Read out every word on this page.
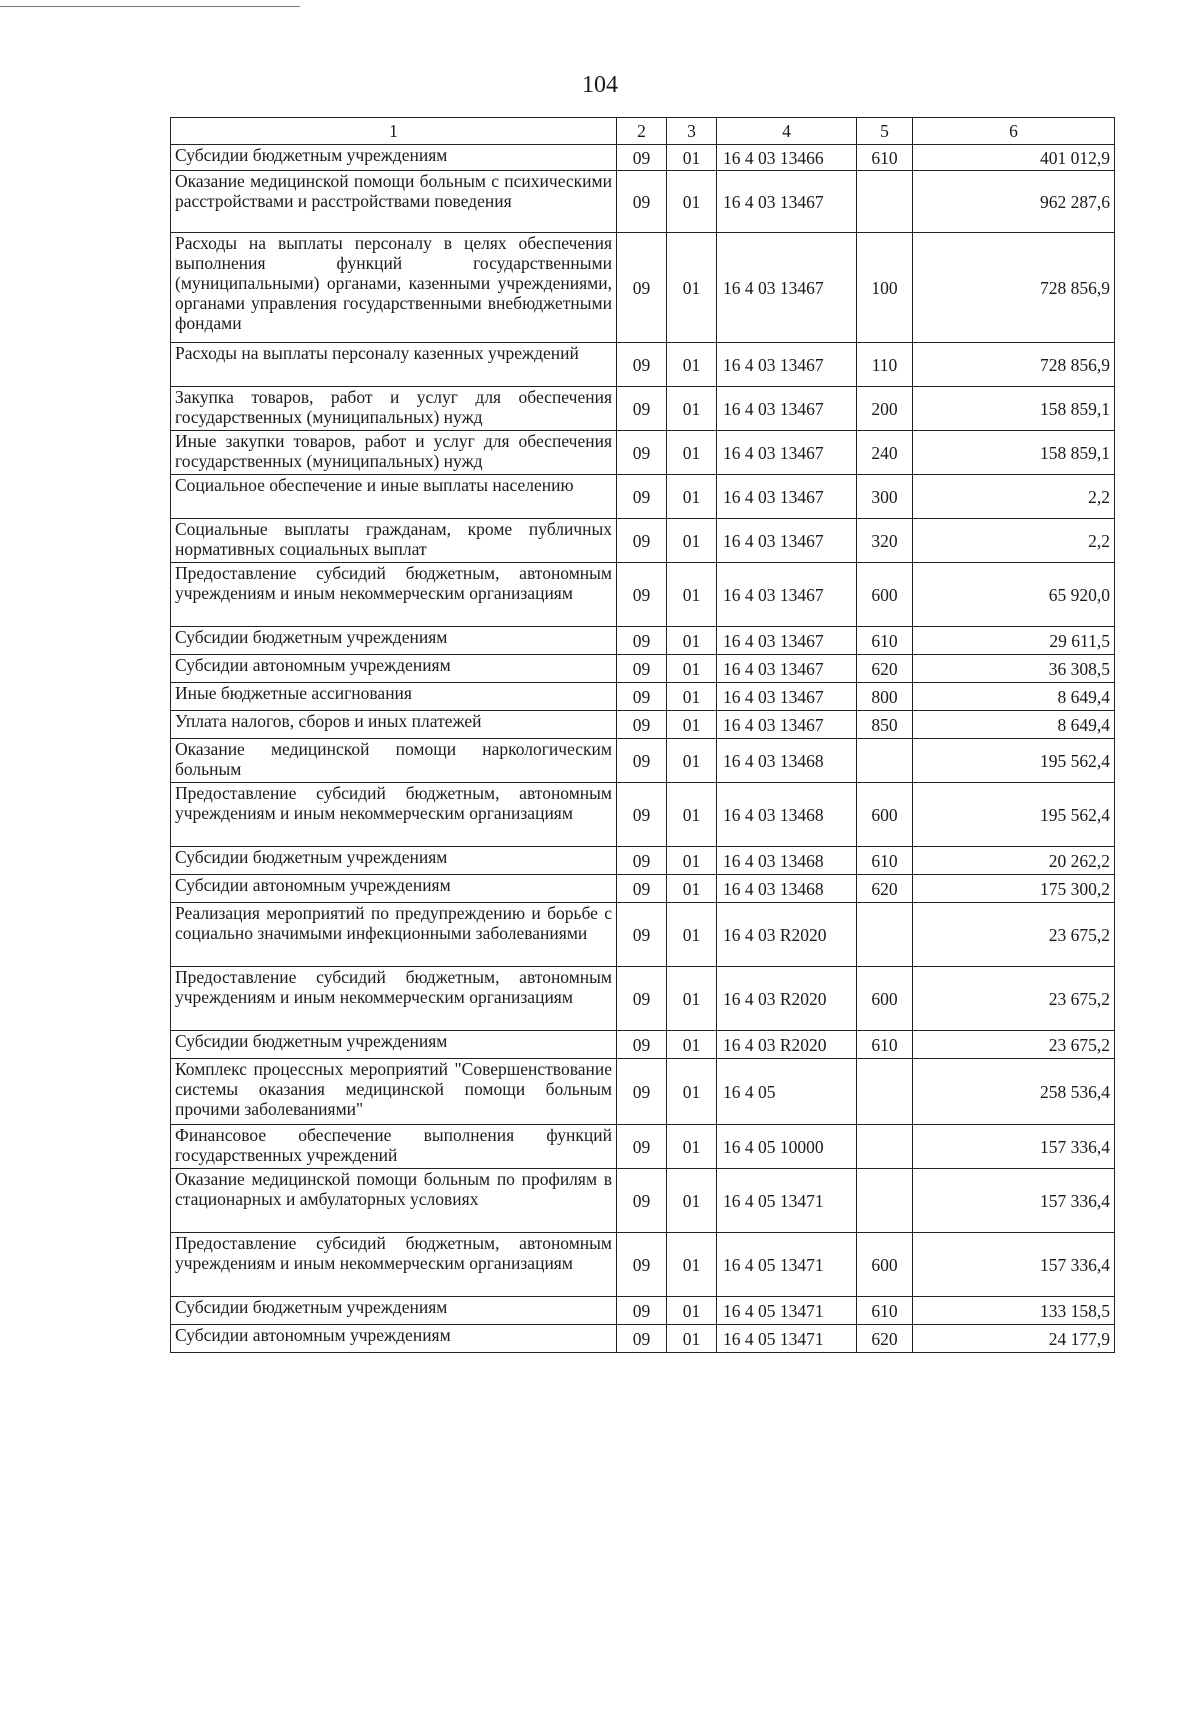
104
1	2	3	4	5	6
Субсидии бюджетным учреждениям	09	01	16 4 03 13466	610	401 012,9
Оказание медицинской помощи больным с психическими расстройствами и расстройствами поведения	09	01	16 4 03 13467		962 287,6
Расходы на выплаты персоналу в целях обеспечения выполнения функций государственными (муниципальными) органами, казенными учреждениями, органами управления государственными внебюджетными фондами	09	01	16 4 03 13467	100	728 856,9
Расходы на выплаты персоналу казенных учреждений	09	01	16 4 03 13467	110	728 856,9
Закупка товаров, работ и услуг для обеспечения государственных (муниципальных) нужд	09	01	16 4 03 13467	200	158 859,1
Иные закупки товаров, работ и услуг для обеспечения государственных (муниципальных) нужд	09	01	16 4 03 13467	240	158 859,1
Социальное обеспечение и иные выплаты населению	09	01	16 4 03 13467	300	2,2
Социальные выплаты гражданам, кроме публичных нормативных социальных выплат	09	01	16 4 03 13467	320	2,2
Предоставление субсидий бюджетным, автономным учреждениям и иным некоммерческим организациям	09	01	16 4 03 13467	600	65 920,0
Субсидии бюджетным учреждениям	09	01	16 4 03 13467	610	29 611,5
Субсидии автономным учреждениям	09	01	16 4 03 13467	620	36 308,5
Иные бюджетные ассигнования	09	01	16 4 03 13467	800	8 649,4
Уплата налогов, сборов и иных платежей	09	01	16 4 03 13467	850	8 649,4
Оказание медицинской помощи наркологическим больным	09	01	16 4 03 13468		195 562,4
Предоставление субсидий бюджетным, автономным учреждениям и иным некоммерческим организациям	09	01	16 4 03 13468	600	195 562,4
Субсидии бюджетным учреждениям	09	01	16 4 03 13468	610	20 262,2
Субсидии автономным учреждениям	09	01	16 4 03 13468	620	175 300,2
Реализация мероприятий по предупреждению и борьбе с социально значимыми инфекционными заболеваниями	09	01	16 4 03 R2020		23 675,2
Предоставление субсидий бюджетным, автономным учреждениям и иным некоммерческим организациям	09	01	16 4 03 R2020	600	23 675,2
Субсидии бюджетным учреждениям	09	01	16 4 03 R2020	610	23 675,2
Комплекс процессных мероприятий "Совершенствование системы оказания медицинской помощи больным прочими заболеваниями"	09	01	16 4 05		258 536,4
Финансовое обеспечение выполнения функций государственных учреждений	09	01	16 4 05 10000		157 336,4
Оказание медицинской помощи больным по профилям в стационарных и амбулаторных условиях	09	01	16 4 05 13471		157 336,4
Предоставление субсидий бюджетным, автономным учреждениям и иным некоммерческим организациям	09	01	16 4 05 13471	600	157 336,4
Субсидии бюджетным учреждениям	09	01	16 4 05 13471	610	133 158,5
Субсидии автономным учреждениям	09	01	16 4 05 13471	620	24 177,9
